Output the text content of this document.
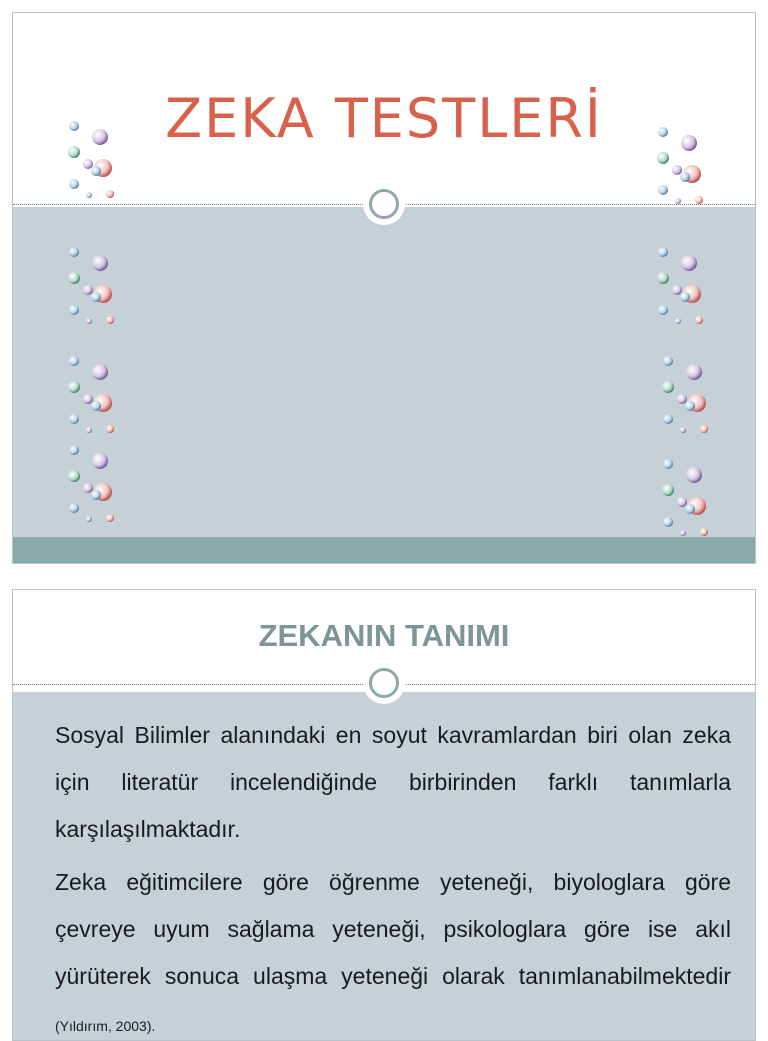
ZEKA TESTLERİ
ZEKANIN TANIMI

Sosyal Bilimler alanındaki en soyut kavramlardan biri olan zeka için literatür incelendiğinde birbirinden farklı tanımlarla karşılaşılmaktadır.

Zeka eğitimcilere göre öğrenme yeteneği, biyologlara göre çevreye uyum sağlama yeteneği, psikologlara göre ise akıl yürüterek sonuca ulaşma yeteneği olarak tanımlanabilmektedir (Yıldırım, 2003).
